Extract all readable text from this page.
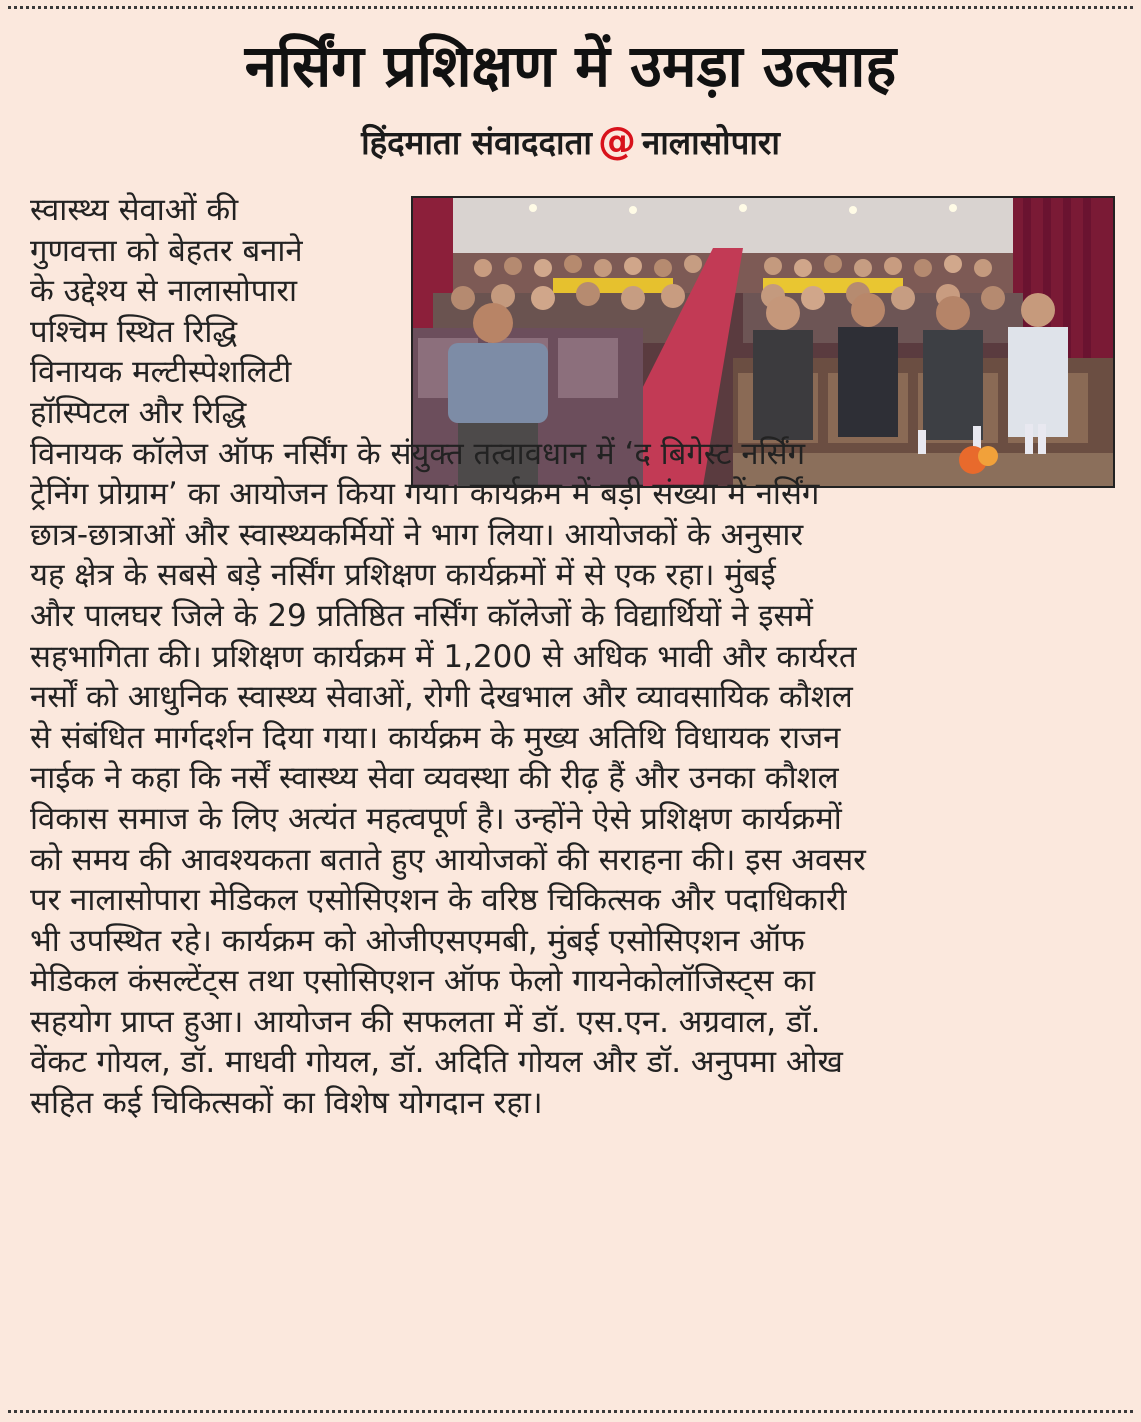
नर्सिंग प्रशिक्षण में उमड़ा उत्साह
हिंदमाता संवाददाता @ नालासोपारा
स्वास्थ्य सेवाओं की
गुणवत्ता को बेहतर बनाने
के उद्देश्य से नालासोपारा
पश्चिम स्थित रिद्धि
विनायक मल्टीस्पेशलिटी
हॉस्पिटल और रिद्धि
विनायक कॉलेज ऑफ नर्सिंग के संयुक्त तत्वावधान में ‘द बिगेस्ट नर्सिंग
ट्रेनिंग प्रोग्राम’ का आयोजन किया गया। कार्यक्रम में बड़ी संख्या में नर्सिंग
छात्र-छात्राओं और स्वास्थ्यकर्मियों ने भाग लिया। आयोजकों के अनुसार
यह क्षेत्र के सबसे बड़े नर्सिंग प्रशिक्षण कार्यक्रमों में से एक रहा। मुंबई
और पालघर जिले के 29 प्रतिष्ठित नर्सिंग कॉलेजों के विद्यार्थियों ने इसमें
सहभागिता की। प्रशिक्षण कार्यक्रम में 1,200 से अधिक भावी और कार्यरत
नर्सों को आधुनिक स्वास्थ्य सेवाओं, रोगी देखभाल और व्यावसायिक कौशल
से संबंधित मार्गदर्शन दिया गया। कार्यक्रम के मुख्य अतिथि विधायक राजन
नाईक ने कहा कि नर्सें स्वास्थ्य सेवा व्यवस्था की रीढ़ हैं और उनका कौशल
विकास समाज के लिए अत्यंत महत्वपूर्ण है। उन्होंने ऐसे प्रशिक्षण कार्यक्रमों
को समय की आवश्यकता बताते हुए आयोजकों की सराहना की। इस अवसर
पर नालासोपारा मेडिकल एसोसिएशन के वरिष्ठ चिकित्सक और पदाधिकारी
भी उपस्थित रहे। कार्यक्रम को ओजीएसएमबी, मुंबई एसोसिएशन ऑफ
मेडिकल कंसल्टेंट्स तथा एसोसिएशन ऑफ फेलो गायनेकोलॉजिस्ट्स का
सहयोग प्राप्त हुआ। आयोजन की सफलता में डॉ. एस.एन. अग्रवाल, डॉ.
वेंकट गोयल, डॉ. माधवी गोयल, डॉ. अदिति गोयल और डॉ. अनुपमा ओख
सहित कई चिकित्सकों का विशेष योगदान रहा।
